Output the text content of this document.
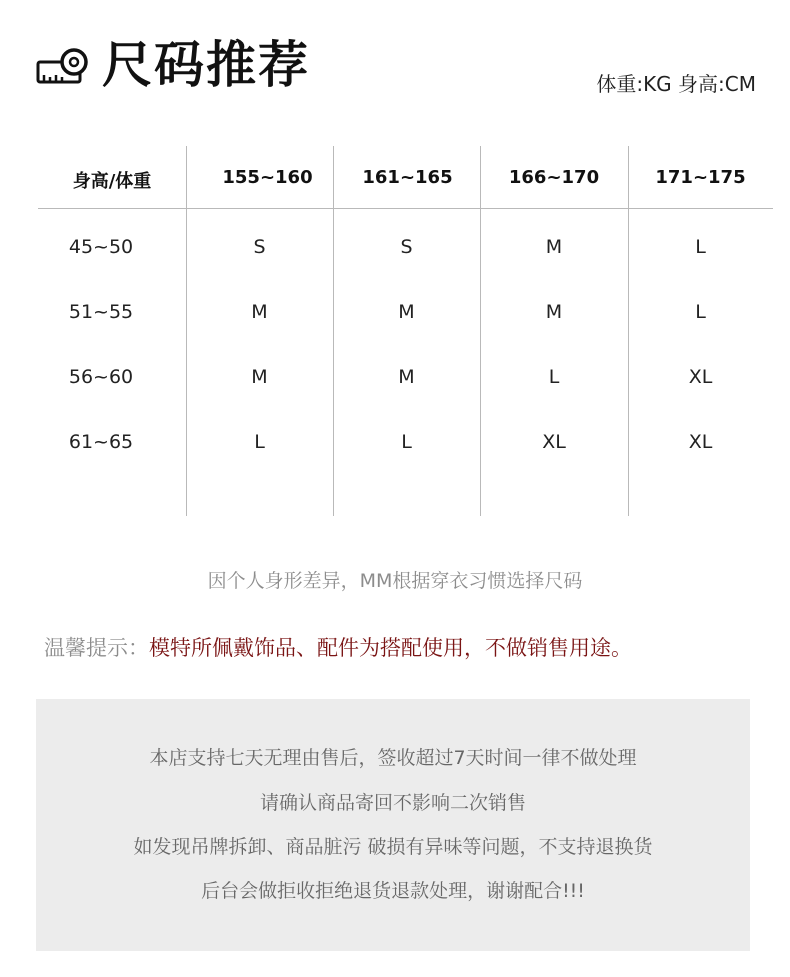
尺码推荐	体重:KG 身高:CM
身高/体重	155~160	161~165	166~170	171~175
45~50	S	S	M	L
51~55	M	M	M	L
56~60	M	M	L	XL
61~65	L	L	XL	XL
因个人身形差异，MM根据穿衣习惯选择尺码
温馨提示：模特所佩戴饰品、配件为搭配使用，不做销售用途。
本店支持七天无理由售后，签收超过7天时间一律不做处理
请确认商品寄回不影响二次销售
如发现吊牌拆卸、商品脏污 破损有异味等问题，不支持退换货
后台会做拒收拒绝退货退款处理，谢谢配合!!!
